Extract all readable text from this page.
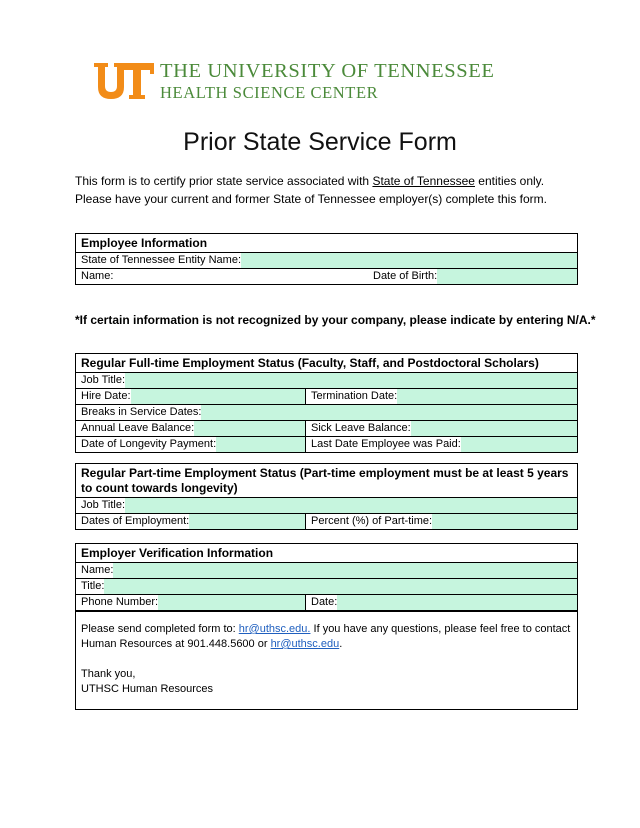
THE UNIVERSITY OF TENNESSEE
HEALTH SCIENCE CENTER
Prior State Service Form
This form is to certify prior state service associated with State of Tennessee entities only.
Please have your current and former State of Tennessee employer(s) complete this form.
Employee Information
State of Tennessee Entity Name:
Name:	Date of Birth:
*If certain information is not recognized by your company, please indicate by entering N/A.*
Regular Full-time Employment Status (Faculty, Staff, and Postdoctoral Scholars)
Job Title:
Hire Date:	Termination Date:
Breaks in Service Dates:
Annual Leave Balance:	Sick Leave Balance:
Date of Longevity Payment:	Last Date Employee was Paid:
Regular Part-time Employment Status (Part-time employment must be at least 5 years to count towards longevity)
Job Title:
Dates of Employment:	Percent (%) of Part-time:
Employer Verification Information
Name:
Title:
Phone Number:	Date:

Please send completed form to: hr@uthsc.edu. If you have any questions, please feel free to contact Human Resources at 901.448.5600 or hr@uthsc.edu.

Thank you,

UTHSC Human Resources
